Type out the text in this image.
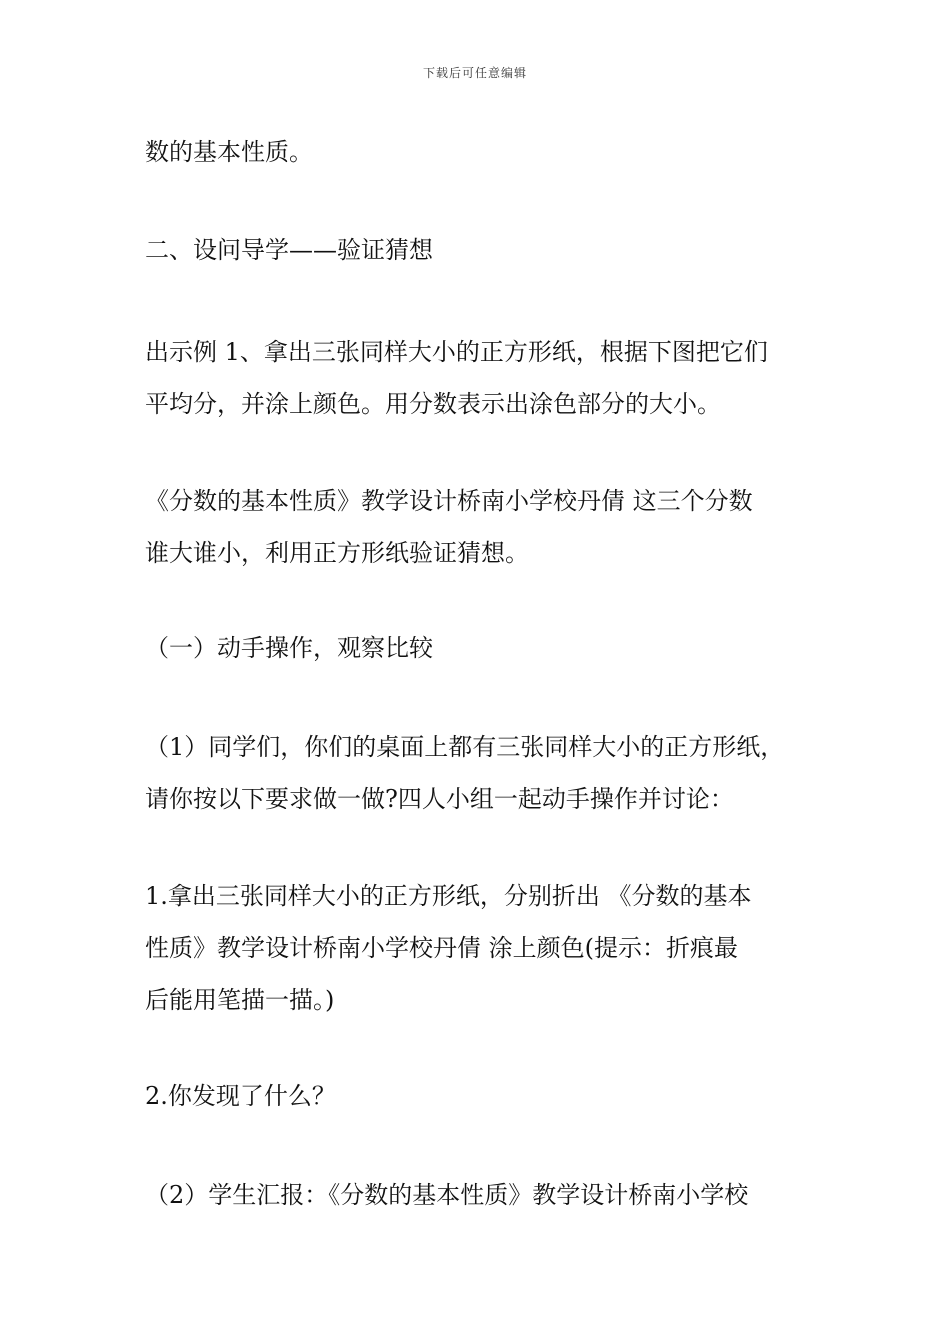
下载后可任意编辑
数的基本性质。
二、设问导学——验证猜想
出示例 1、拿出三张同样大小的正方形纸，根据下图把它们
平均分，并涂上颜色。用分数表示出涂色部分的大小。
《分数的基本性质》教学设计桥南小学校丹倩 这三个分数
谁大谁小，利用正方形纸验证猜想。
（一）动手操作，观察比较
（1）同学们，你们的桌面上都有三张同样大小的正方形纸，
请你按以下要求做一做?四人小组一起动手操作并讨论：
1.拿出三张同样大小的正方形纸，分别折出 《分数的基本
性质》教学设计桥南小学校丹倩 涂上颜色(提示：折痕最
后能用笔描一描。)
2.你发现了什么？
（2）学生汇报：《分数的基本性质》教学设计桥南小学校
